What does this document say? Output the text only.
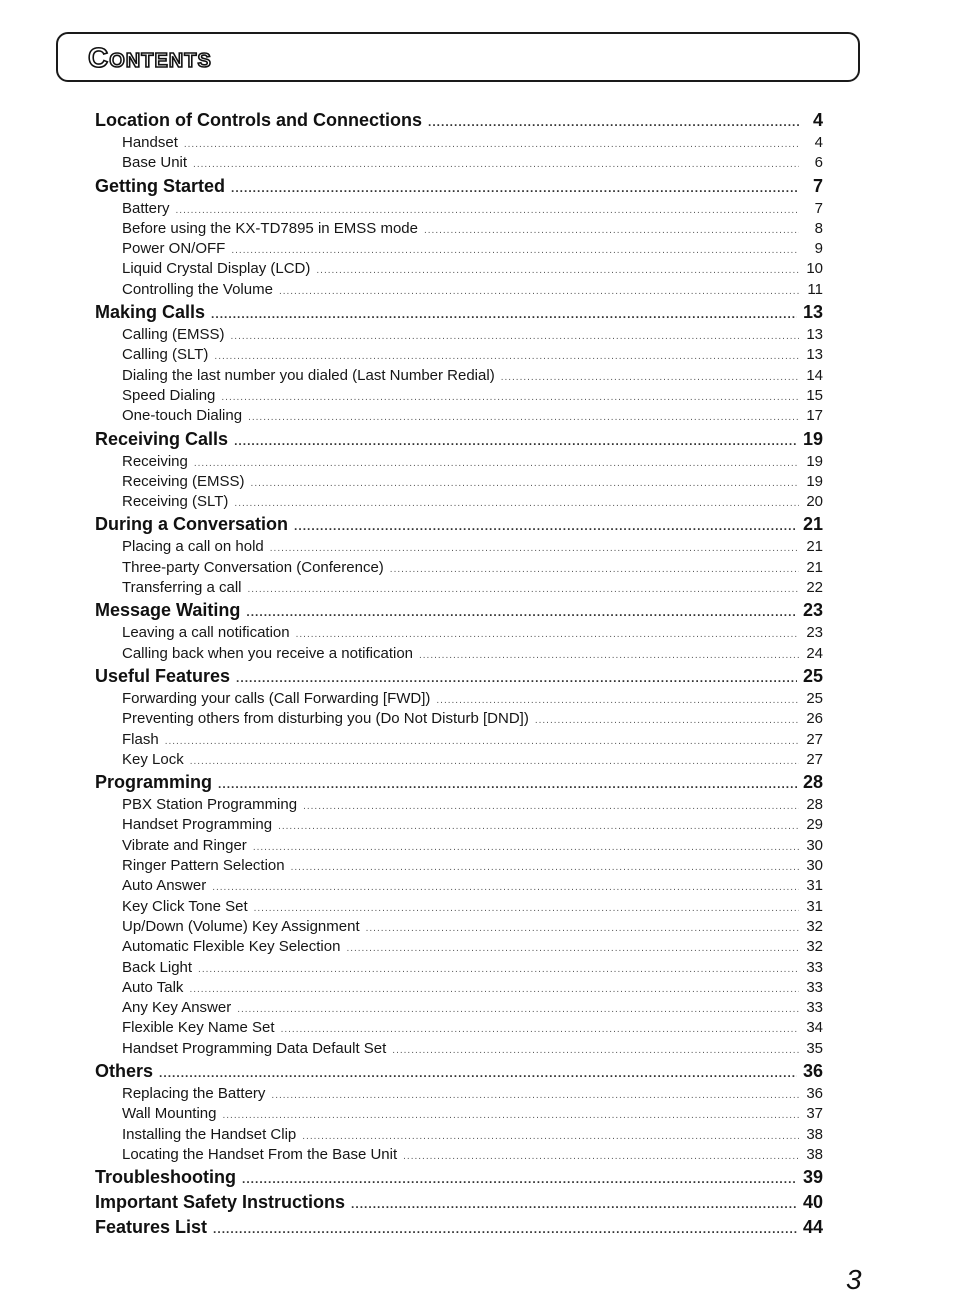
Contents
Location of Controls and Connections .....	4
Handset .....	4
Base Unit .....	6
Getting Started .....	7
Battery .....	7
Before using the KX-TD7895 in EMSS mode .....	8
Power ON/OFF .....	9
Liquid Crystal Display (LCD) .....	10
Controlling the Volume .....	11
Making Calls .....	13
Calling (EMSS) .....	13
Calling (SLT) .....	13
Dialing the last number you dialed (Last Number Redial) .....	14
Speed Dialing .....	15
One-touch Dialing .....	17
Receiving Calls .....	19
Receiving .....	19
Receiving (EMSS) .....	19
Receiving (SLT) .....	20
During a Conversation .....	21
Placing a call on hold .....	21
Three-party Conversation (Conference) .....	21
Transferring a call .....	22
Message Waiting .....	23
Leaving a call notification .....	23
Calling back when you receive a notification .....	24
Useful Features .....	25
Forwarding your calls (Call Forwarding [FWD]) .....	25
Preventing others from disturbing you (Do Not Disturb [DND]) .....	26
Flash .....	27
Key Lock .....	27
Programming .....	28
PBX Station Programming .....	28
Handset Programming .....	29
Vibrate and Ringer .....	30
Ringer Pattern Selection .....	30
Auto Answer .....	31
Key Click Tone Set .....	31
Up/Down (Volume) Key Assignment .....	32
Automatic Flexible Key Selection .....	32
Back Light .....	33
Auto Talk .....	33
Any Key Answer .....	33
Flexible Key Name Set .....	34
Handset Programming Data Default Set .....	35
Others .....	36
Replacing the Battery .....	36
Wall Mounting .....	37
Installing the Handset Clip .....	38
Locating the Handset From the Base Unit .....	38
Troubleshooting .....	39
Important Safety Instructions .....	40
Features List .....	44
3
